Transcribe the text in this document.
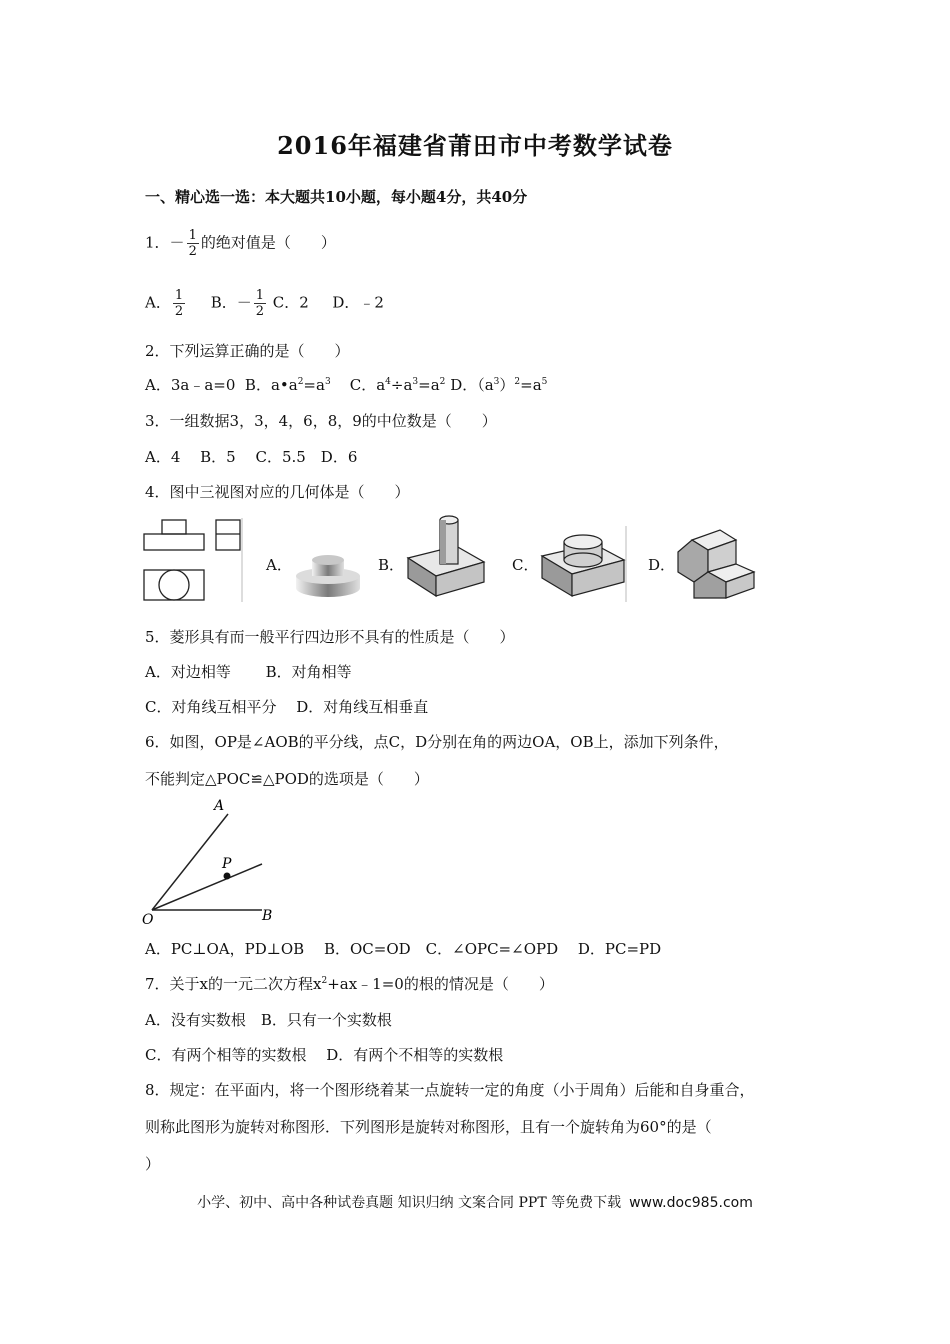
2016年福建省莆田市中考数学试卷
一、精心选一选：本大题共10小题，每小题4分，共40分
1．－ $\frac{1}{2}$ 的绝对值是（　　）
A． $\frac{1}{2}$ B．－ $\frac{1}{2}$ C．2 D．﹣2
2．下列运算正确的是（　　）
A．3a﹣a=0 B．$a•a^2=a^3$ C．$a^4\div a^3=a^2$ D．$(a^3)^2=a^5$
3．一组数据3，3，4，6，8，9的中位数是（　　）
A．4　 B．5　 C．5.5　D．6
4．图中三视图对应的几何体是（　　）
A．	B．	C．	D．
5．菱形具有而一般平行四边形不具有的性质是（　　）
A．对边相等　　 B．对角相等
C．对角线互相平分　 D．对角线互相垂直
6．如图，OP是∠AOB的平分线，点C，D分别在角的两边OA，OB上，添加下列条件，
不能判定△POC≌△POD的选项是（　　）
A
P
O	B
A．PC⊥OA，PD⊥OB　 B．OC=OD　C．∠OPC=∠OPD　 D．PC=PD
7．关于x的一元二次方程$x^2+ax﹣1=0$的根的情况是（　　）
A．没有实数根　B．只有一个实数根
C．有两个相等的实数根　 D．有两个不相等的实数根
8．规定：在平面内，将一个图形绕着某一点旋转一定的角度（小于周角）后能和自身重合，
则称此图形为旋转对称图形．下列图形是旋转对称图形，且有一个旋转角为60°的是（
）
小学、初中、高中各种试卷真题 知识归纳 文案合同 PPT 等免费下载 www.doc985.com
